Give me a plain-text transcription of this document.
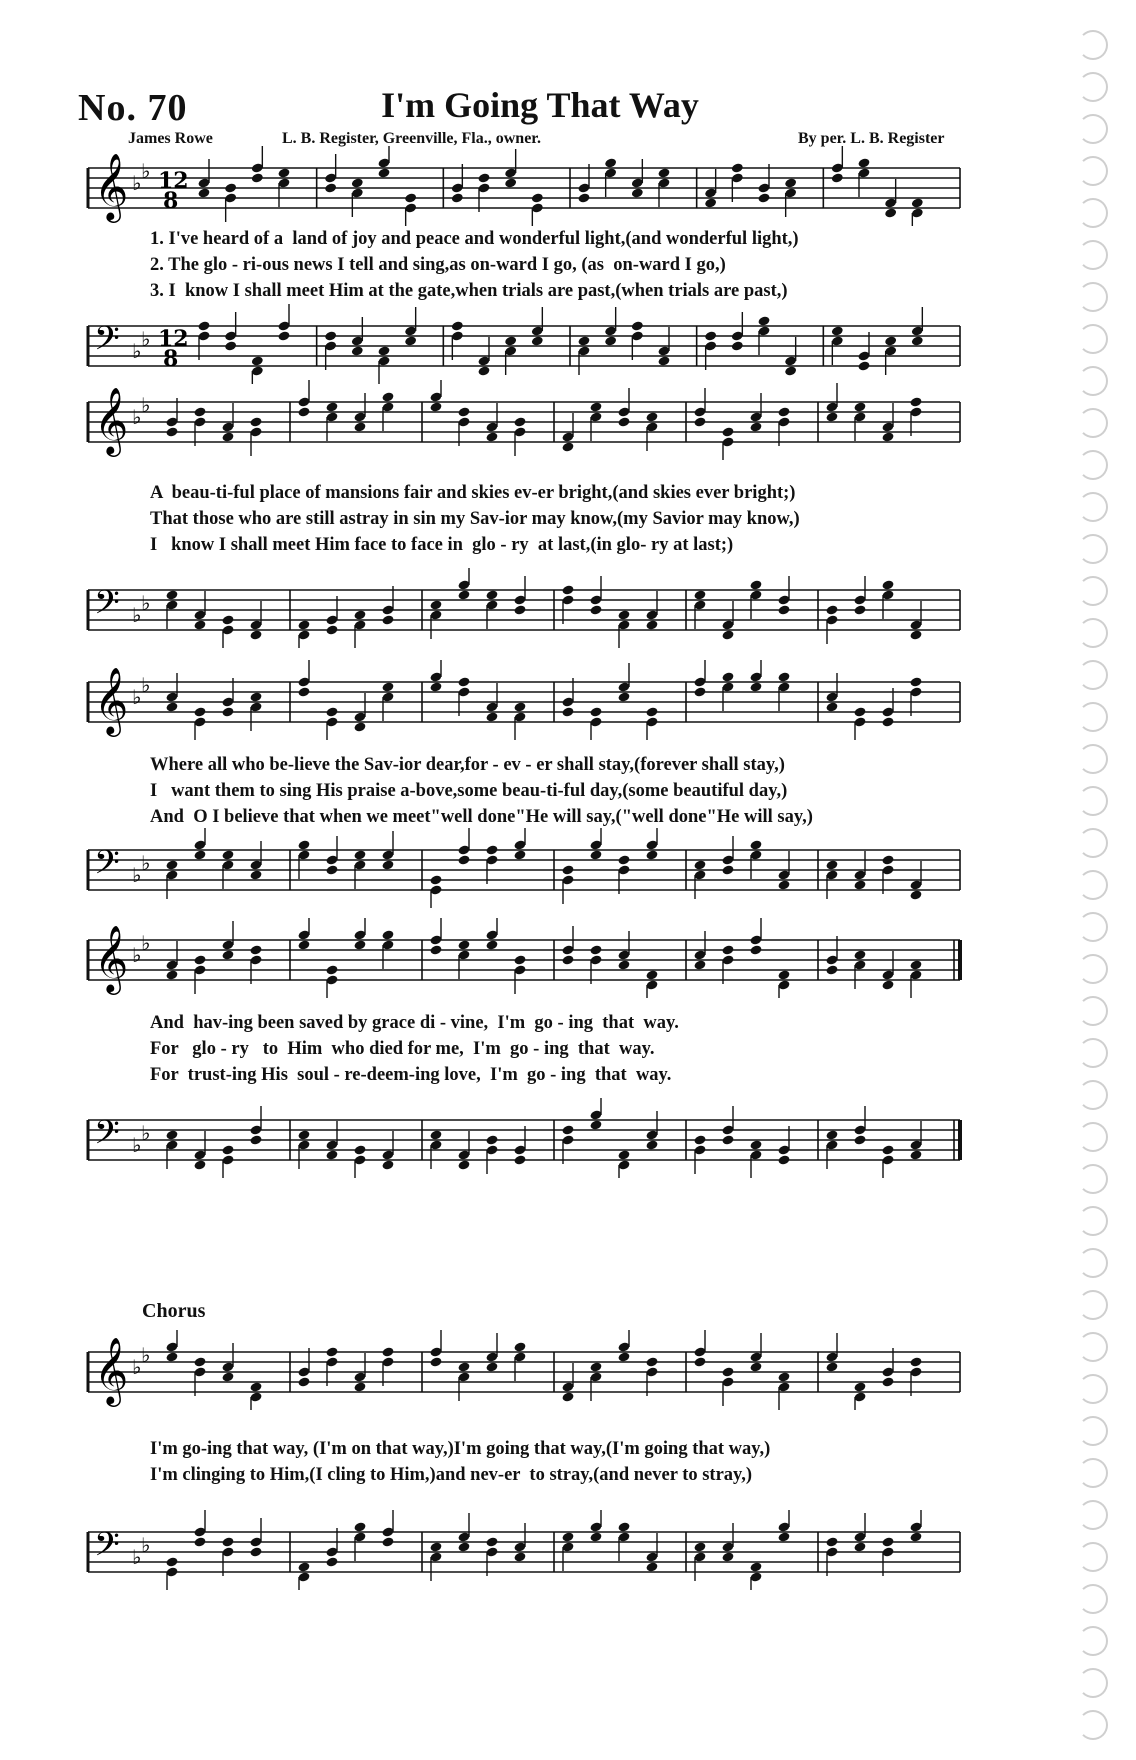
No. 70	I'm Going That Way
James Rowe	L. B. Register, Greenville, Fla., owner.	By per. L. B. Register
𝄞 ♭ ♭ 12
8
1. I've heard of a  land of joy and peace and wonderful light,(and wonderful light,)
2. The glo - ri-ous news I tell and sing,as on-ward I go, (as  on-ward I go,)
3. I  know I shall meet Him at the gate,when trials are past,(when trials are past,)
𝄢 ♭ ♭ 12
8
𝄞 ♭ ♭
A  beau-ti-ful place of mansions fair and skies ev-er bright,(and skies ever bright;)
That those who are still astray in sin my Sav-ior may know,(my Savior may know,)
I   know I shall meet Him face to face in  glo - ry  at last,(in glo- ry at last;)
𝄢 ♭ ♭
𝄞 ♭ ♭
Where all who be-lieve the Sav-ior dear,for - ev - er shall stay,(forever shall stay,)
I   want them to sing His praise a-bove,some beau-ti-ful day,(some beautiful day,)
And  O I believe that when we meet"well done"He will say,("well done"He will say,)
𝄢 ♭ ♭
𝄞 ♭ ♭
And  hav-ing been saved by grace di - vine,  I'm  go - ing  that  way.
For   glo - ry   to  Him  who died for me,  I'm  go - ing  that  way.
For  trust-ing His  soul - re-deem-ing love,  I'm  go - ing  that  way.
𝄢 ♭ ♭
Chorus
𝄞 ♭ ♭
I'm go-ing that way, (I'm on that way,)I'm going that way,(I'm going that way,)
I'm clinging to Him,(I cling to Him,)and nev-er  to stray,(and never to stray,)
𝄢 ♭ ♭
